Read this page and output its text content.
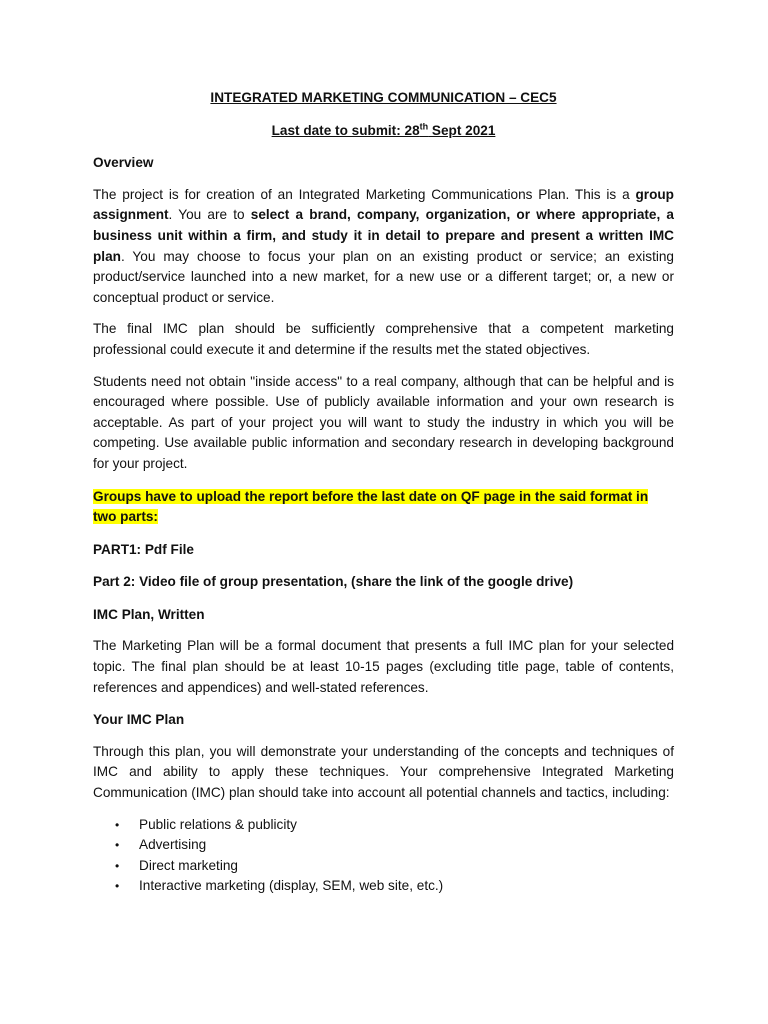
INTEGRATED MARKETING COMMUNICATION – CEC5

Last date to submit: 28th Sept 2021

Overview

The project is for creation of an Integrated Marketing Communications Plan. This is a group assignment. You are to select a brand, company, organization, or where appropriate, a business unit within a firm, and study it in detail to prepare and present a written IMC plan. You may choose to focus your plan on an existing product or service; an existing product/service launched into a new market, for a new use or a different target; or, a new or conceptual product or service.

The final IMC plan should be sufficiently comprehensive that a competent marketing professional could execute it and determine if the results met the stated objectives.

Students need not obtain "inside access" to a real company, although that can be helpful and is encouraged where possible. Use of publicly available information and your own research is acceptable. As part of your project you will want to study the industry in which you will be competing. Use available public information and secondary research in developing background for your project.

Groups have to upload the report before the last date on QF page in the said format in two parts:

PART1: Pdf File

Part 2: Video file of group presentation, (share the link of the google drive)

IMC Plan, Written

The Marketing Plan will be a formal document that presents a full IMC plan for your selected topic. The final plan should be at least 10-15 pages (excluding title page, table of contents, references and appendices) and well-stated references.

Your IMC Plan

Through this plan, you will demonstrate your understanding of the concepts and techniques of IMC and ability to apply these techniques. Your comprehensive Integrated Marketing Communication (IMC) plan should take into account all potential channels and tactics, including:

• Public relations & publicity
• Advertising
• Direct marketing
• Interactive marketing (display, SEM, web site, etc.)
